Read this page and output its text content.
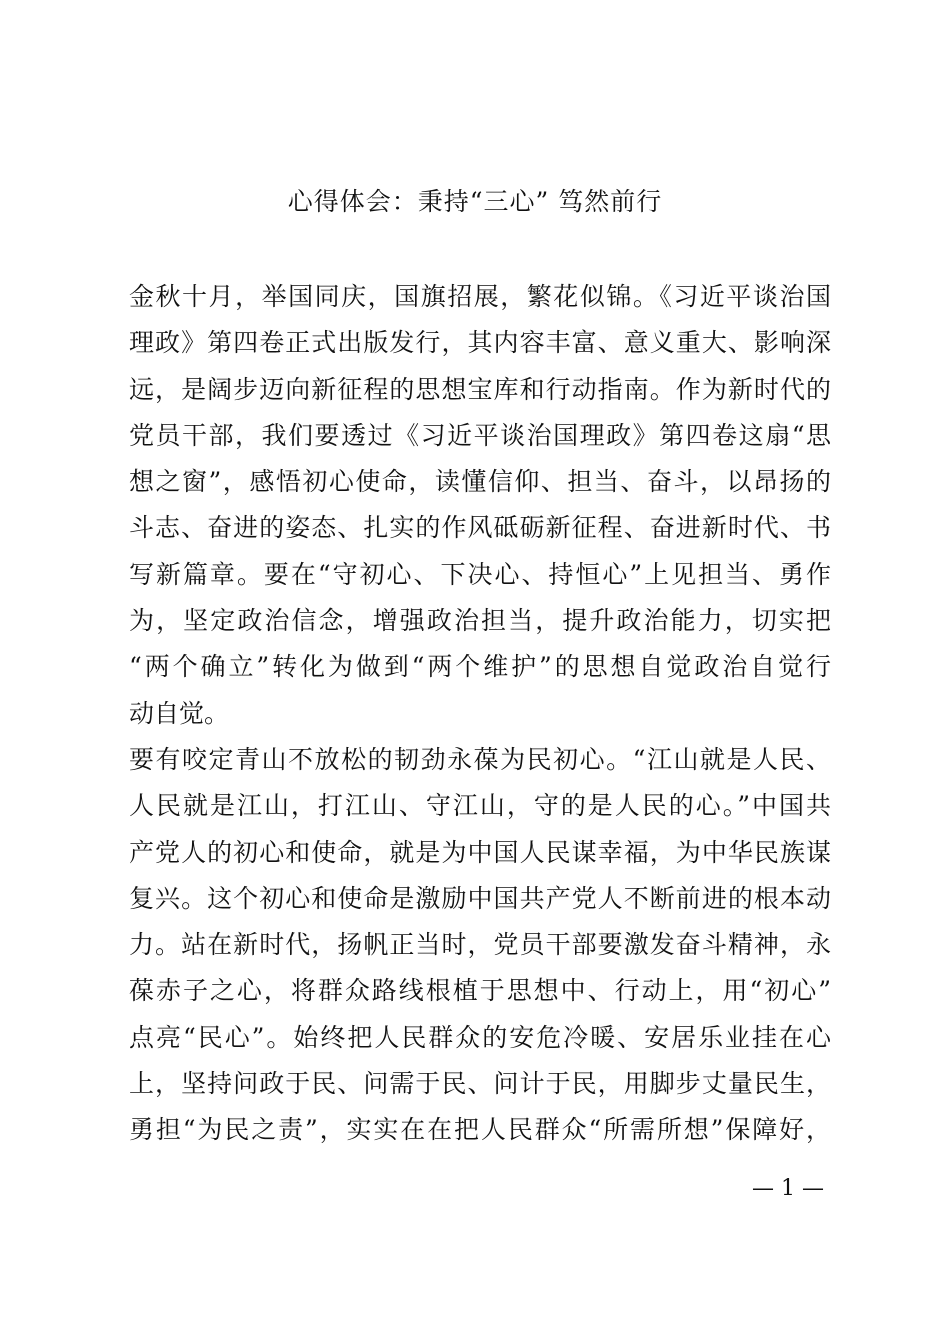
心得体会：秉持“三心” 笃然前行
金秋十月，举国同庆，国旗招展，繁花似锦。《习近平谈治国
理政》第四卷正式出版发行，其内容丰富、意义重大、影响深
远，是阔步迈向新征程的思想宝库和行动指南。作为新时代的
党员干部，我们要透过《习近平谈治国理政》第四卷这扇“思
想之窗”，感悟初心使命，读懂信仰、担当、奋斗，以昂扬的
斗志、奋进的姿态、扎实的作风砥砺新征程、奋进新时代、书
写新篇章。要在“守初心、下决心、持恒心”上见担当、勇作
为，坚定政治信念，增强政治担当，提升政治能力，切实把
“两个确立”转化为做到“两个维护”的思想自觉政治自觉行
动自觉。
要有咬定青山不放松的韧劲永葆为民初心。“江山就是人民、
人民就是江山，打江山、守江山，守的是人民的心。”中国共
产党人的初心和使命，就是为中国人民谋幸福，为中华民族谋
复兴。这个初心和使命是激励中国共产党人不断前进的根本动
力。站在新时代，扬帆正当时，党员干部要激发奋斗精神，永
葆赤子之心，将群众路线根植于思想中、行动上，用“初心”
点亮“民心”。始终把人民群众的安危冷暖、安居乐业挂在心
上，坚持问政于民、问需于民、问计于民，用脚步丈量民生，
勇担“为民之责”，实实在在把人民群众“所需所想”保障好，
— 1 —
